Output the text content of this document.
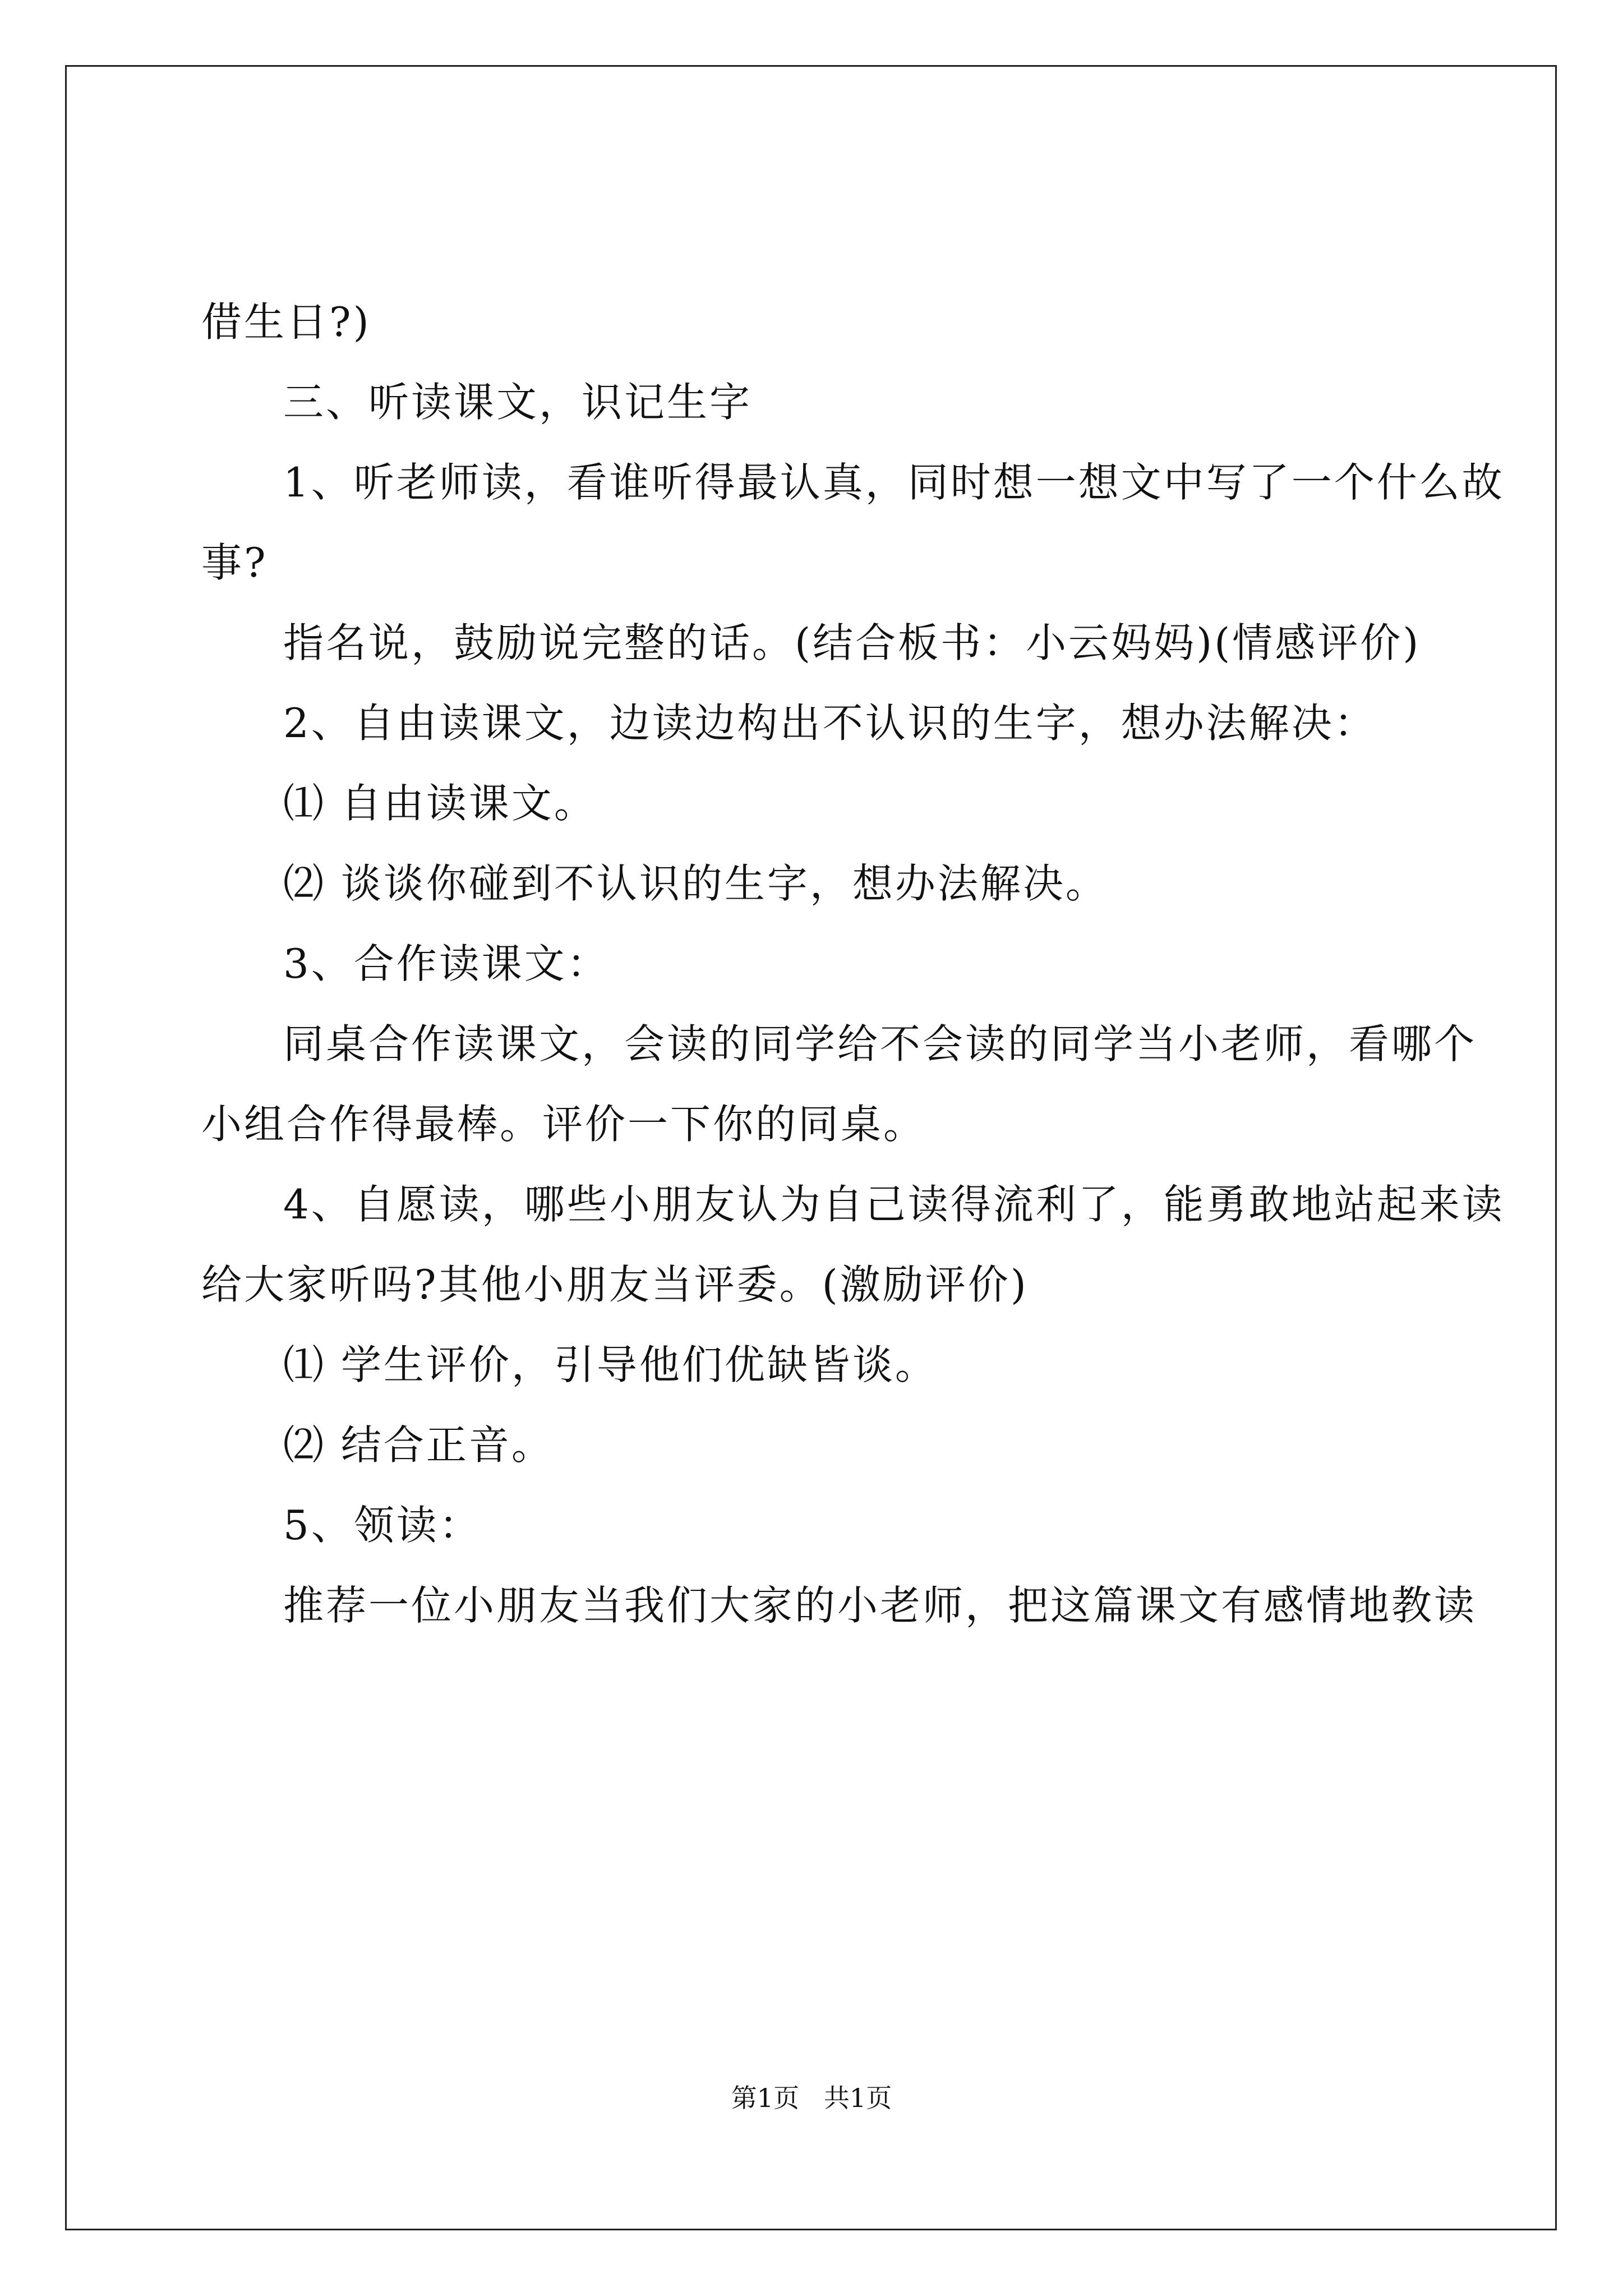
借生日?)
三、听读课文，识记生字
1、听老师读，看谁听得最认真，同时想一想文中写了一个什么故
事?
指名说，鼓励说完整的话。(结合板书：小云妈妈)(情感评价)
2、自由读课文，边读边构出不认识的生字，想办法解决：
⑴ 自由读课文。
⑵ 谈谈你碰到不认识的生字，想办法解决。
3、合作读课文：
同桌合作读课文，会读的同学给不会读的同学当小老师，看哪个
小组合作得最棒。评价一下你的同桌。
4、自愿读，哪些小朋友认为自己读得流利了，能勇敢地站起来读
给大家听吗?其他小朋友当评委。(激励评价)
⑴ 学生评价，引导他们优缺皆谈。
⑵ 结合正音。
5、领读：
推荐一位小朋友当我们大家的小老师，把这篇课文有感情地教读
第1页   共1页
